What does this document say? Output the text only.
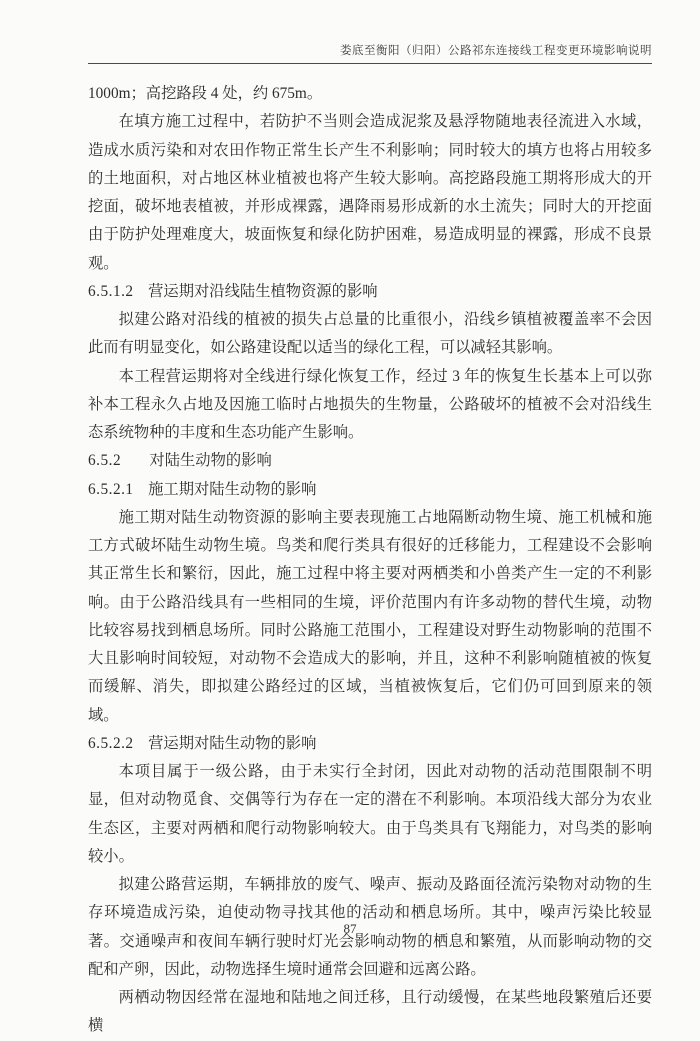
娄底至衡阳（归阳）公路祁东连接线工程变更环境影响说明

1000m；高挖路段 4 处，约 675m。

在填方施工过程中，若防护不当则会造成泥浆及悬浮物随地表径流进入水域，造成水质污染和对农田作物正常生长产生不利影响；同时较大的填方也将占用较多的土地面积，对占地区林业植被也将产生较大影响。高挖路段施工期将形成大的开挖面，破坏地表植被，并形成裸露，遇降雨易形成新的水土流失；同时大的开挖面由于防护处理难度大，坡面恢复和绿化防护困难，易造成明显的裸露，形成不良景观。

6.5.1.2 营运期对沿线陆生植物资源的影响

拟建公路对沿线的植被的损失占总量的比重很小，沿线乡镇植被覆盖率不会因此而有明显变化，如公路建设配以适当的绿化工程，可以减轻其影响。

本工程营运期将对全线进行绿化恢复工作，经过 3 年的恢复生长基本上可以弥补本工程永久占地及因施工临时占地损失的生物量，公路破坏的植被不会对沿线生态系统物种的丰度和生态功能产生影响。

6.5.2 对陆生动物的影响
6.5.2.1 施工期对陆生动物的影响

施工期对陆生动物资源的影响主要表现施工占地隔断动物生境、施工机械和施工方式破坏陆生动物生境。鸟类和爬行类具有很好的迁移能力，工程建设不会影响其正常生长和繁衍，因此，施工过程中将主要对两栖类和小兽类产生一定的不利影响。由于公路沿线具有一些相同的生境，评价范围内有许多动物的替代生境，动物比较容易找到栖息场所。同时公路施工范围小，工程建设对野生动物影响的范围不大且影响时间较短，对动物不会造成大的影响，并且，这种不利影响随植被的恢复而缓解、消失，即拟建公路经过的区域，当植被恢复后，它们仍可回到原来的领域。

6.5.2.2 营运期对陆生动物的影响

本项目属于一级公路，由于未实行全封闭，因此对动物的活动范围限制不明显，但对动物觅食、交偶等行为存在一定的潜在不利影响。本项沿线大部分为农业生态区，主要对两栖和爬行动物影响较大。由于鸟类具有飞翔能力，对鸟类的影响较小。

拟建公路营运期，车辆排放的废气、噪声、振动及路面径流污染物对动物的生存环境造成污染，迫使动物寻找其他的活动和栖息场所。其中，噪声污染比较显著。交通噪声和夜间车辆行驶时灯光会影响动物的栖息和繁殖，从而影响动物的交配和产卵，因此，动物选择生境时通常会回避和远离公路。

两栖动物因经常在湿地和陆地之间迁移，且行动缓慢，在某些地段繁殖后还要横

87
